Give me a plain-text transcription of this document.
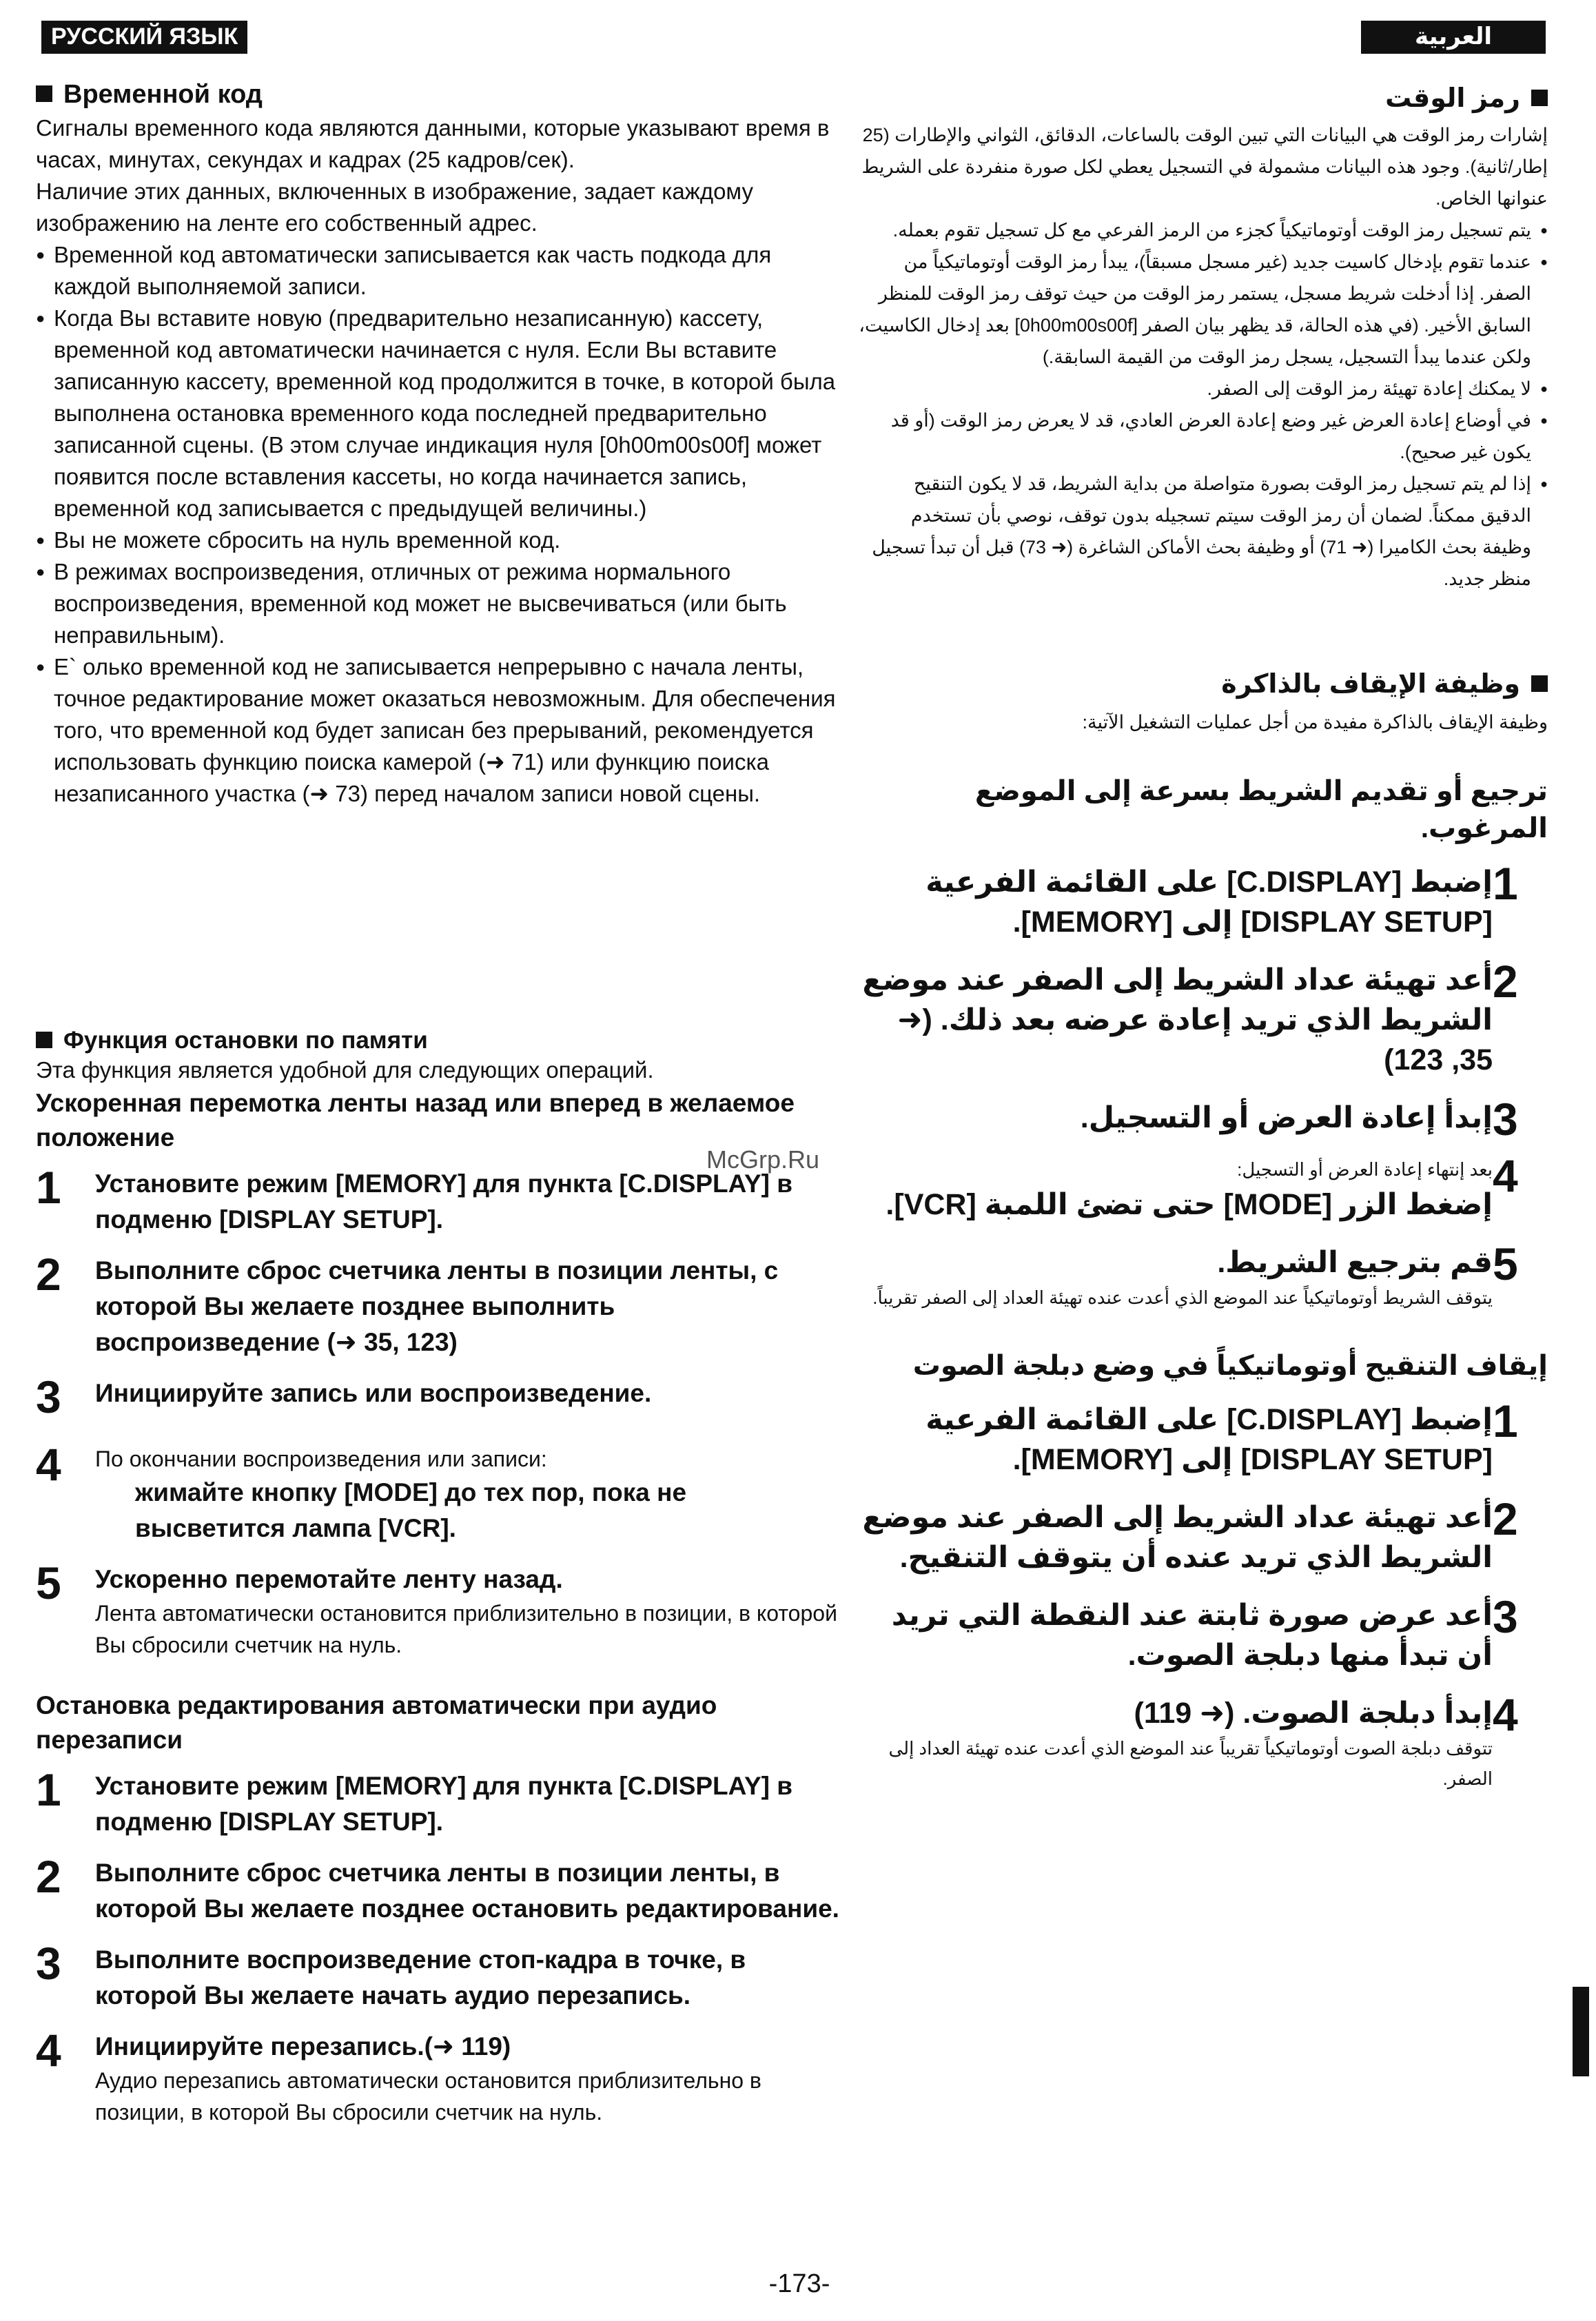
РУССКИЙ ЯЗЫК	العربية
Временной код
Сигналы временного кода являются данными, которые указывают время в часах, минутах, секундах и кадрах (25 кадров/сек).
Наличие этих данных, включенных в изображение, задает каждому изображению на ленте его собственный адрес.
● Временной код автоматически записывается как часть подкода для каждой выполняемой записи.
● Когда Вы вставите новую (предварительно незаписанную) кассету, временной код автоматически начинается с нуля. Если Вы вставите записанную кассету, временной код продолжится в точке, в которой была выполнена остановка временного кода последней предварительно записанной сцены. (В этом случае индикация нуля [0h00m00s00f] может появится после вставления кассеты, но когда начинается запись, временной код записывается с предыдущей величины.)
● Вы не можете сбросить на нуль временной код.
● В режимах воспроизведения, отличных от режима нормального воспроизведения, временной код может не высвечиваться (или быть неправильным).
● Е` олько временной код не записывается непрерывно с начала ленты, точное редактирование может оказаться невозможным. Для обеспечения того, что временной код будет записан без прерываний, рекомендуется использовать функцию поиска камерой (➜ 71) или функцию поиска незаписанного участка (➜ 73) перед началом записи новой сцены.
Функция остановки по памяти
Эта функция является удобной для следующих операций.
Ускоренная перемотка ленты назад или вперед в желаемое положение
1	Установите режим [MEMORY] для пункта [C.DISPLAY] в подменю [DISPLAY SETUP].
2	Выполните сброс счетчика ленты в позиции ленты, с которой Вы желаете позднее выполнить воспроизведение (➜ 35, 123)
3	Инициируйте запись или воспроизведение.
4	По окончании воспроизведения или записи:
жимайте кнопку [MODE] до тех пор, пока не высветится лампа [VCR].
5	Ускоренно перемотайте ленту назад.
Лента автоматически остановится приблизительно в позиции, в которой Вы сбросили счетчик на нуль.
Остановка редактирования автоматически при аудио перезаписи
1	Установите режим [MEMORY] для пункта [C.DISPLAY] в подменю [DISPLAY SETUP].
2	Выполните сброс счетчика ленты в позиции ленты, в которой Вы желаете позднее остановить редактирование.
3	Выполните воспроизведение стоп-кадра в точке, в которой Вы желаете начать аудио перезапись.
4	Инициируйте перезапись.(➜ 119)
Аудио перезапись автоматически остановится приблизительно в позиции, в которой Вы сбросили счетчик на нуль.
رمز الوقت
إشارات رمز الوقت هي البيانات التي تبين الوقت بالساعات، الدقائق، الثواني والإطارات (25 إطار/ثانية). وجود هذه البيانات مشمولة في التسجيل يعطي لكل صورة منفردة على الشريط عنوانها الخاص.
● يتم تسجيل رمز الوقت أوتوماتيكياً كجزء من الرمز الفرعي مع كل تسجيل تقوم بعمله.
● عندما تقوم بإدخال كاسيت جديد (غير مسجل مسبقاً)، يبدأ رمز الوقت أوتوماتيكياً من الصفر. إذا أدخلت شريط مسجل، يستمر رمز الوقت من حيث توقف رمز الوقت للمنظر السابق الأخير. (في هذه الحالة، قد يظهر بيان الصفر [0h00m00s00f] بعد إدخال الكاسيت، ولكن عندما يبدأ التسجيل، يسجل رمز الوقت من القيمة السابقة.)
● لا يمكنك إعادة تهيئة رمز الوقت إلى الصفر.
● في أوضاع إعادة العرض غير وضع إعادة العرض العادي، قد لا يعرض رمز الوقت (أو قد يكون غير صحيح).
● إذا لم يتم تسجيل رمز الوقت بصورة متواصلة من بداية الشريط، قد لا يكون التنقيح الدقيق ممكناً. لضمان أن رمز الوقت سيتم تسجيله بدون توقف، نوصي بأن تستخدم وظيفة بحث الكاميرا (➜ 71) أو وظيفة بحث الأماكن الشاغرة (➜ 73) قبل أن تبدأ تسجيل منظر جديد.
وظيفة الإيقاف بالذاكرة
وظيفة الإيقاف بالذاكرة مفيدة من أجل عمليات التشغيل الآتية:
ترجيع أو تقديم الشريط بسرعة إلى الموضع المرغوب.
1
إضبط [C.DISPLAY] على القائمة الفرعية [DISPLAY SETUP] إلى [MEMORY].
2
أعد تهيئة عداد الشريط إلى الصفر عند موضع الشريط الذي تريد إعادة عرضه بعد ذلك. (➜ 35, 123)
3
إبدأ إعادة العرض أو التسجيل.
4
بعد إنتهاء إعادة العرض أو التسجيل:
إضغط الزر [MODE] حتى تضئ اللمبة [VCR].
5
قم بترجيع الشريط.
يتوقف الشريط أوتوماتيكياً عند الموضع الذي أعدت عنده تهيئة العداد إلى الصفر تقريباً.
إيقاف التنقيح أوتوماتيكياً في وضع دبلجة الصوت
1
إضبط [C.DISPLAY] على القائمة الفرعية [DISPLAY SETUP] إلى [MEMORY].
2
أعد تهيئة عداد الشريط إلى الصفر عند موضع الشريط الذي تريد عنده أن يتوقف التنقيح.
3
أعد عرض صورة ثابتة عند النقطة التي تريد أن تبدأ منها دبلجة الصوت.
4
إبدأ دبلجة الصوت. (➜ 119)
تتوقف دبلجة الصوت أوتوماتيكياً تقريباً عند الموضع الذي أعدت عنده تهيئة العداد إلى الصفر.
McGrp.Ru
-173-
